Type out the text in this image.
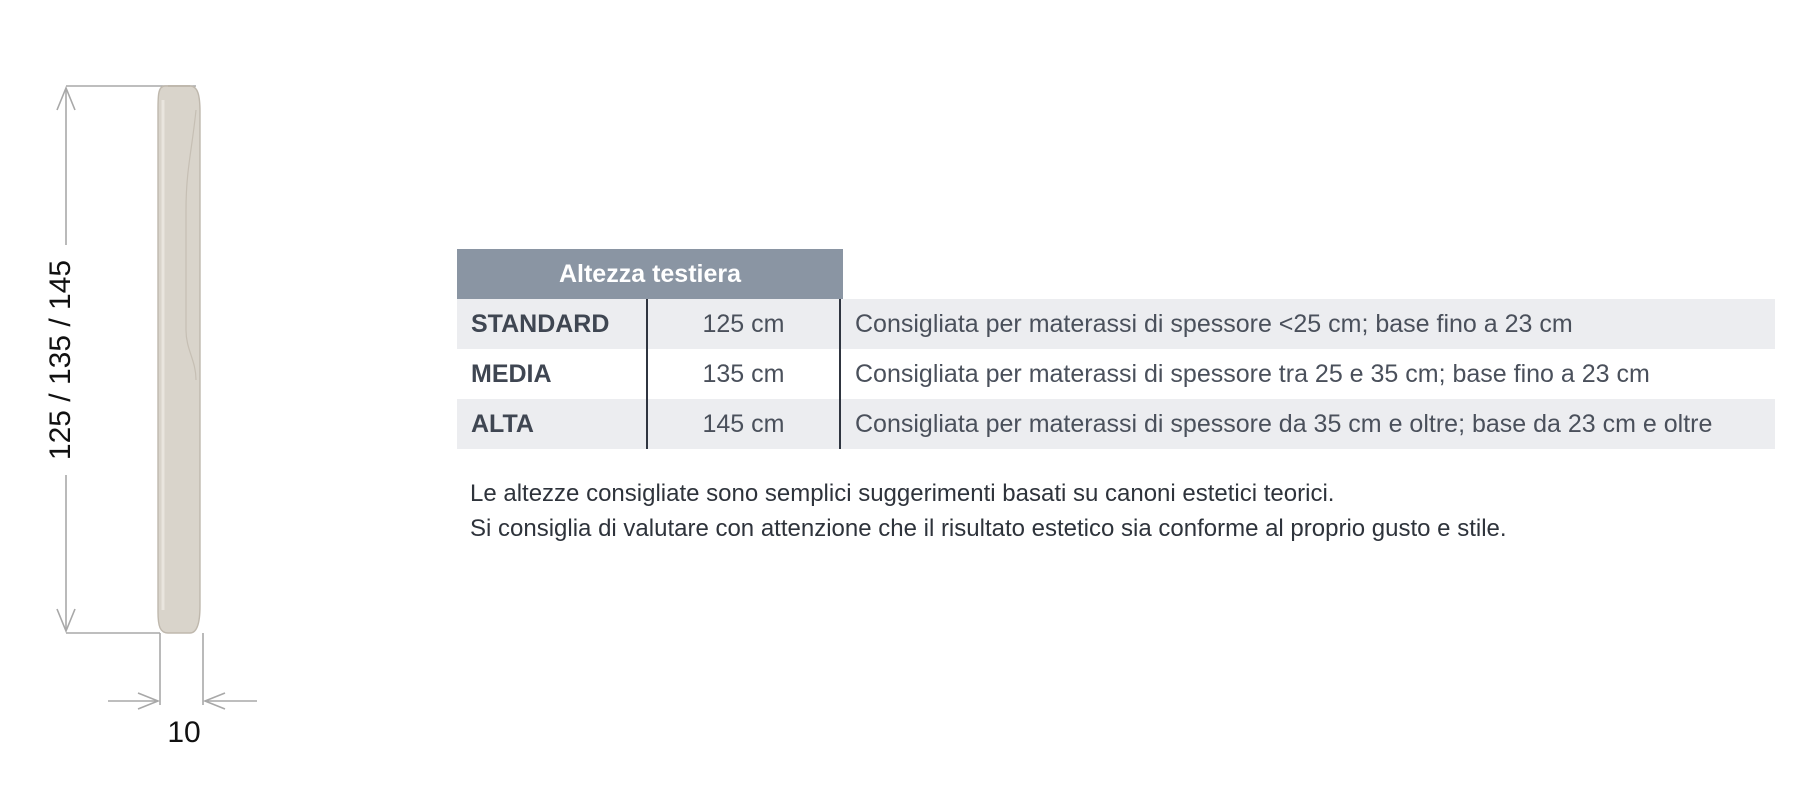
125 / 135 / 145
10
Altezza testiera
STANDARD	125 cm	Consigliata per materassi di spessore <25 cm; base fino a 23 cm
MEDIA	135 cm	Consigliata per materassi di spessore tra 25 e 35 cm; base fino a 23 cm
ALTA	145 cm	Consigliata per materassi di spessore da 35 cm e oltre; base da 23 cm e oltre

Le altezze consigliate sono semplici suggerimenti basati su canoni estetici teorici.

Si consiglia di valutare con attenzione che il risultato estetico sia conforme al proprio gusto e stile.
